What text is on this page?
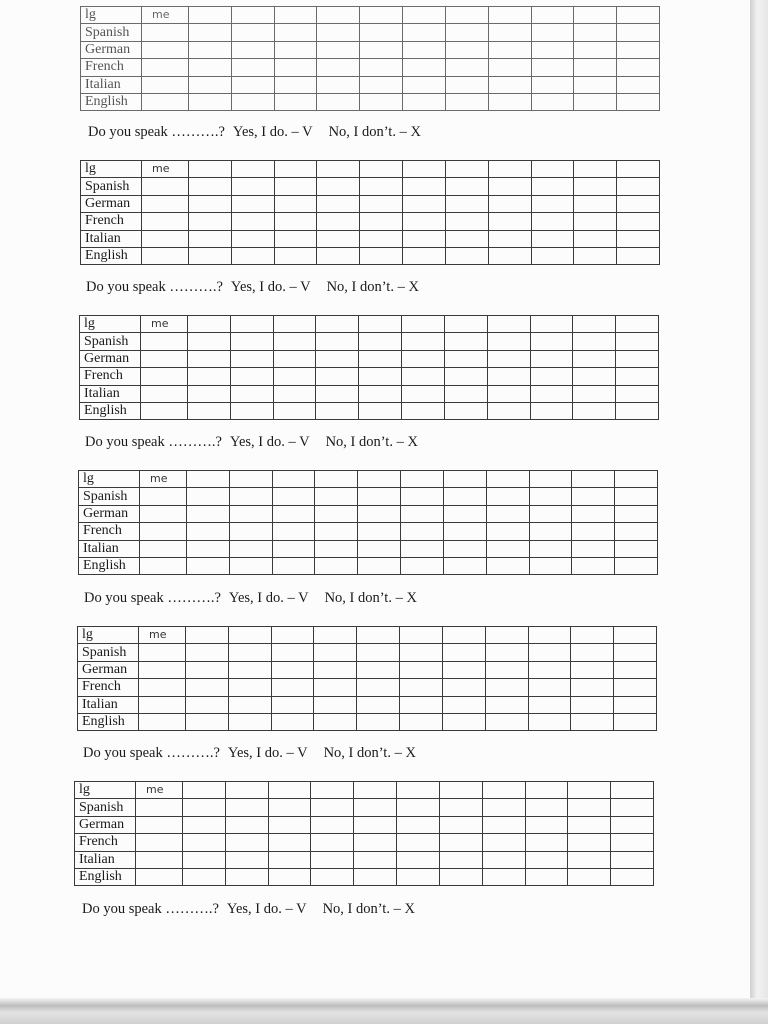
lg	me											
Spanish												
German												
French												
Italian												
English												
Do you speak ……….? Yes, I do. – V No, I don’t. – X
lg	me											
Spanish												
German												
French												
Italian												
English												
Do you speak ……….? Yes, I do. – V No, I don’t. – X
lg	me											
Spanish												
German												
French												
Italian												
English												
Do you speak ……….? Yes, I do. – V No, I don’t. – X
lg	me											
Spanish												
German												
French												
Italian												
English												
Do you speak ……….? Yes, I do. – V No, I don’t. – X
lg	me											
Spanish												
German												
French												
Italian												
English												
Do you speak ……….? Yes, I do. – V No, I don’t. – X
lg	me											
Spanish												
German												
French												
Italian												
English												
Do you speak ……….? Yes, I do. – V No, I don’t. – X
